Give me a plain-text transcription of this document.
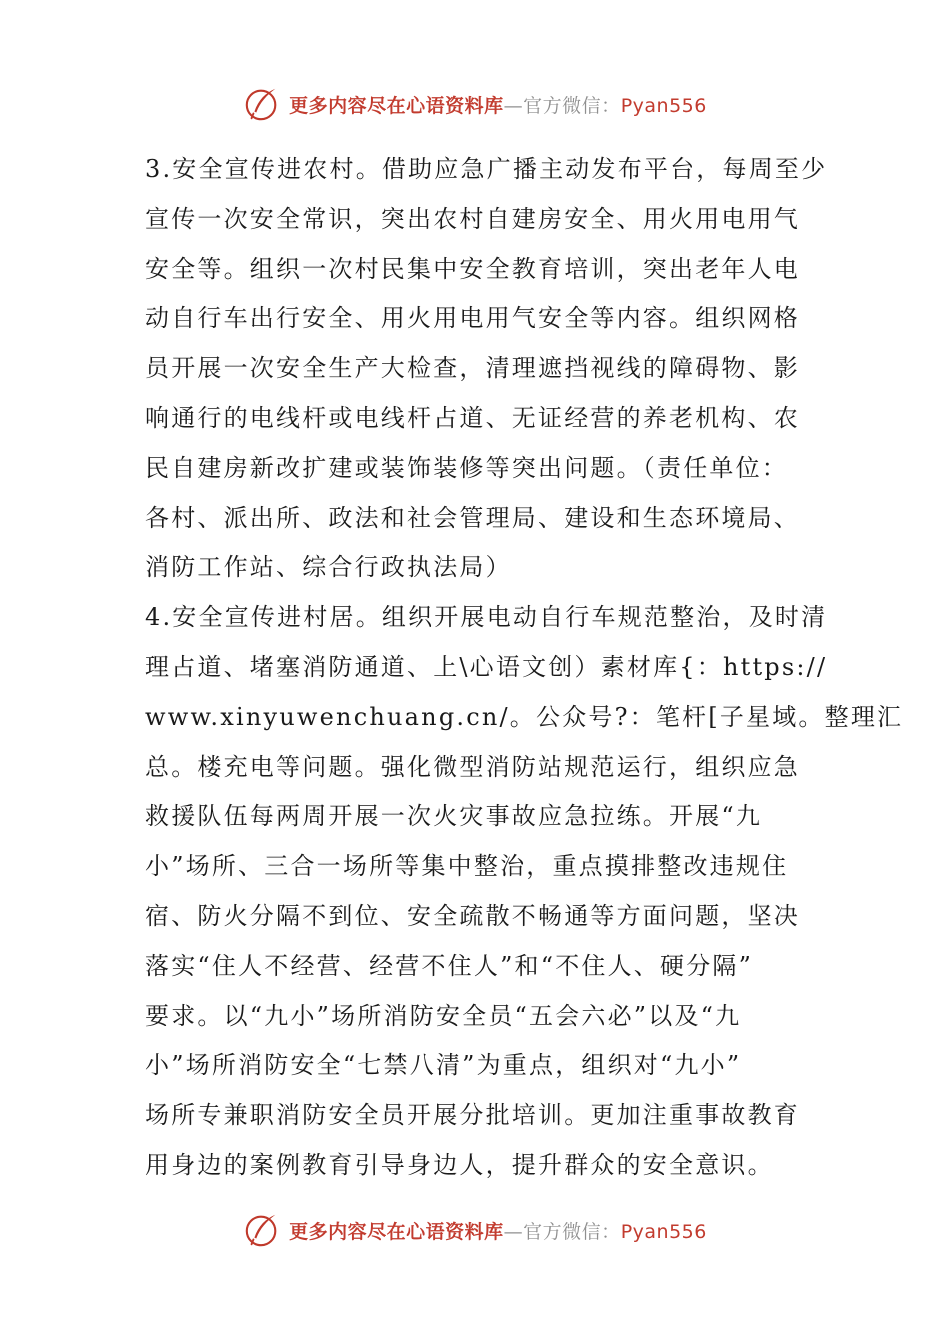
更多内容尽在心语资料库—官方微信：Pyan556
3.安全宣传进农村。借助应急广播主动发布平台，每周至少
宣传一次安全常识，突出农村自建房安全、用火用电用气
安全等。组织一次村民集中安全教育培训，突出老年人电
动自行车出行安全、用火用电用气安全等内容。组织网格
员开展一次安全生产大检查，清理遮挡视线的障碍物、影
响通行的电线杆或电线杆占道、无证经营的养老机构、农
民自建房新改扩建或装饰装修等突出问题。（责任单位：
各村、派出所、政法和社会管理局、建设和生态环境局、
消防工作站、综合行政执法局）
4.安全宣传进村居。组织开展电动自行车规范整治，及时清
理占道、堵塞消防通道、上\心语文创）素材库{：https://
www.xinyuwenchuang.cn/。公众号?：笔杆[子星域。整理汇
总。楼充电等问题。强化微型消防站规范运行，组织应急
救援队伍每两周开展一次火灾事故应急拉练。开展“九
小”场所、三合一场所等集中整治，重点摸排整改违规住
宿、防火分隔不到位、安全疏散不畅通等方面问题，坚决
落实“住人不经营、经营不住人”和“不住人、硬分隔”
要求。以“九小”场所消防安全员“五会六必”以及“九
小”场所消防安全“七禁八清”为重点，组织对“九小”
场所专兼职消防安全员开展分批培训。更加注重事故教育
用身边的案例教育引导身边人，提升群众的安全意识。
更多内容尽在心语资料库—官方微信：Pyan556
